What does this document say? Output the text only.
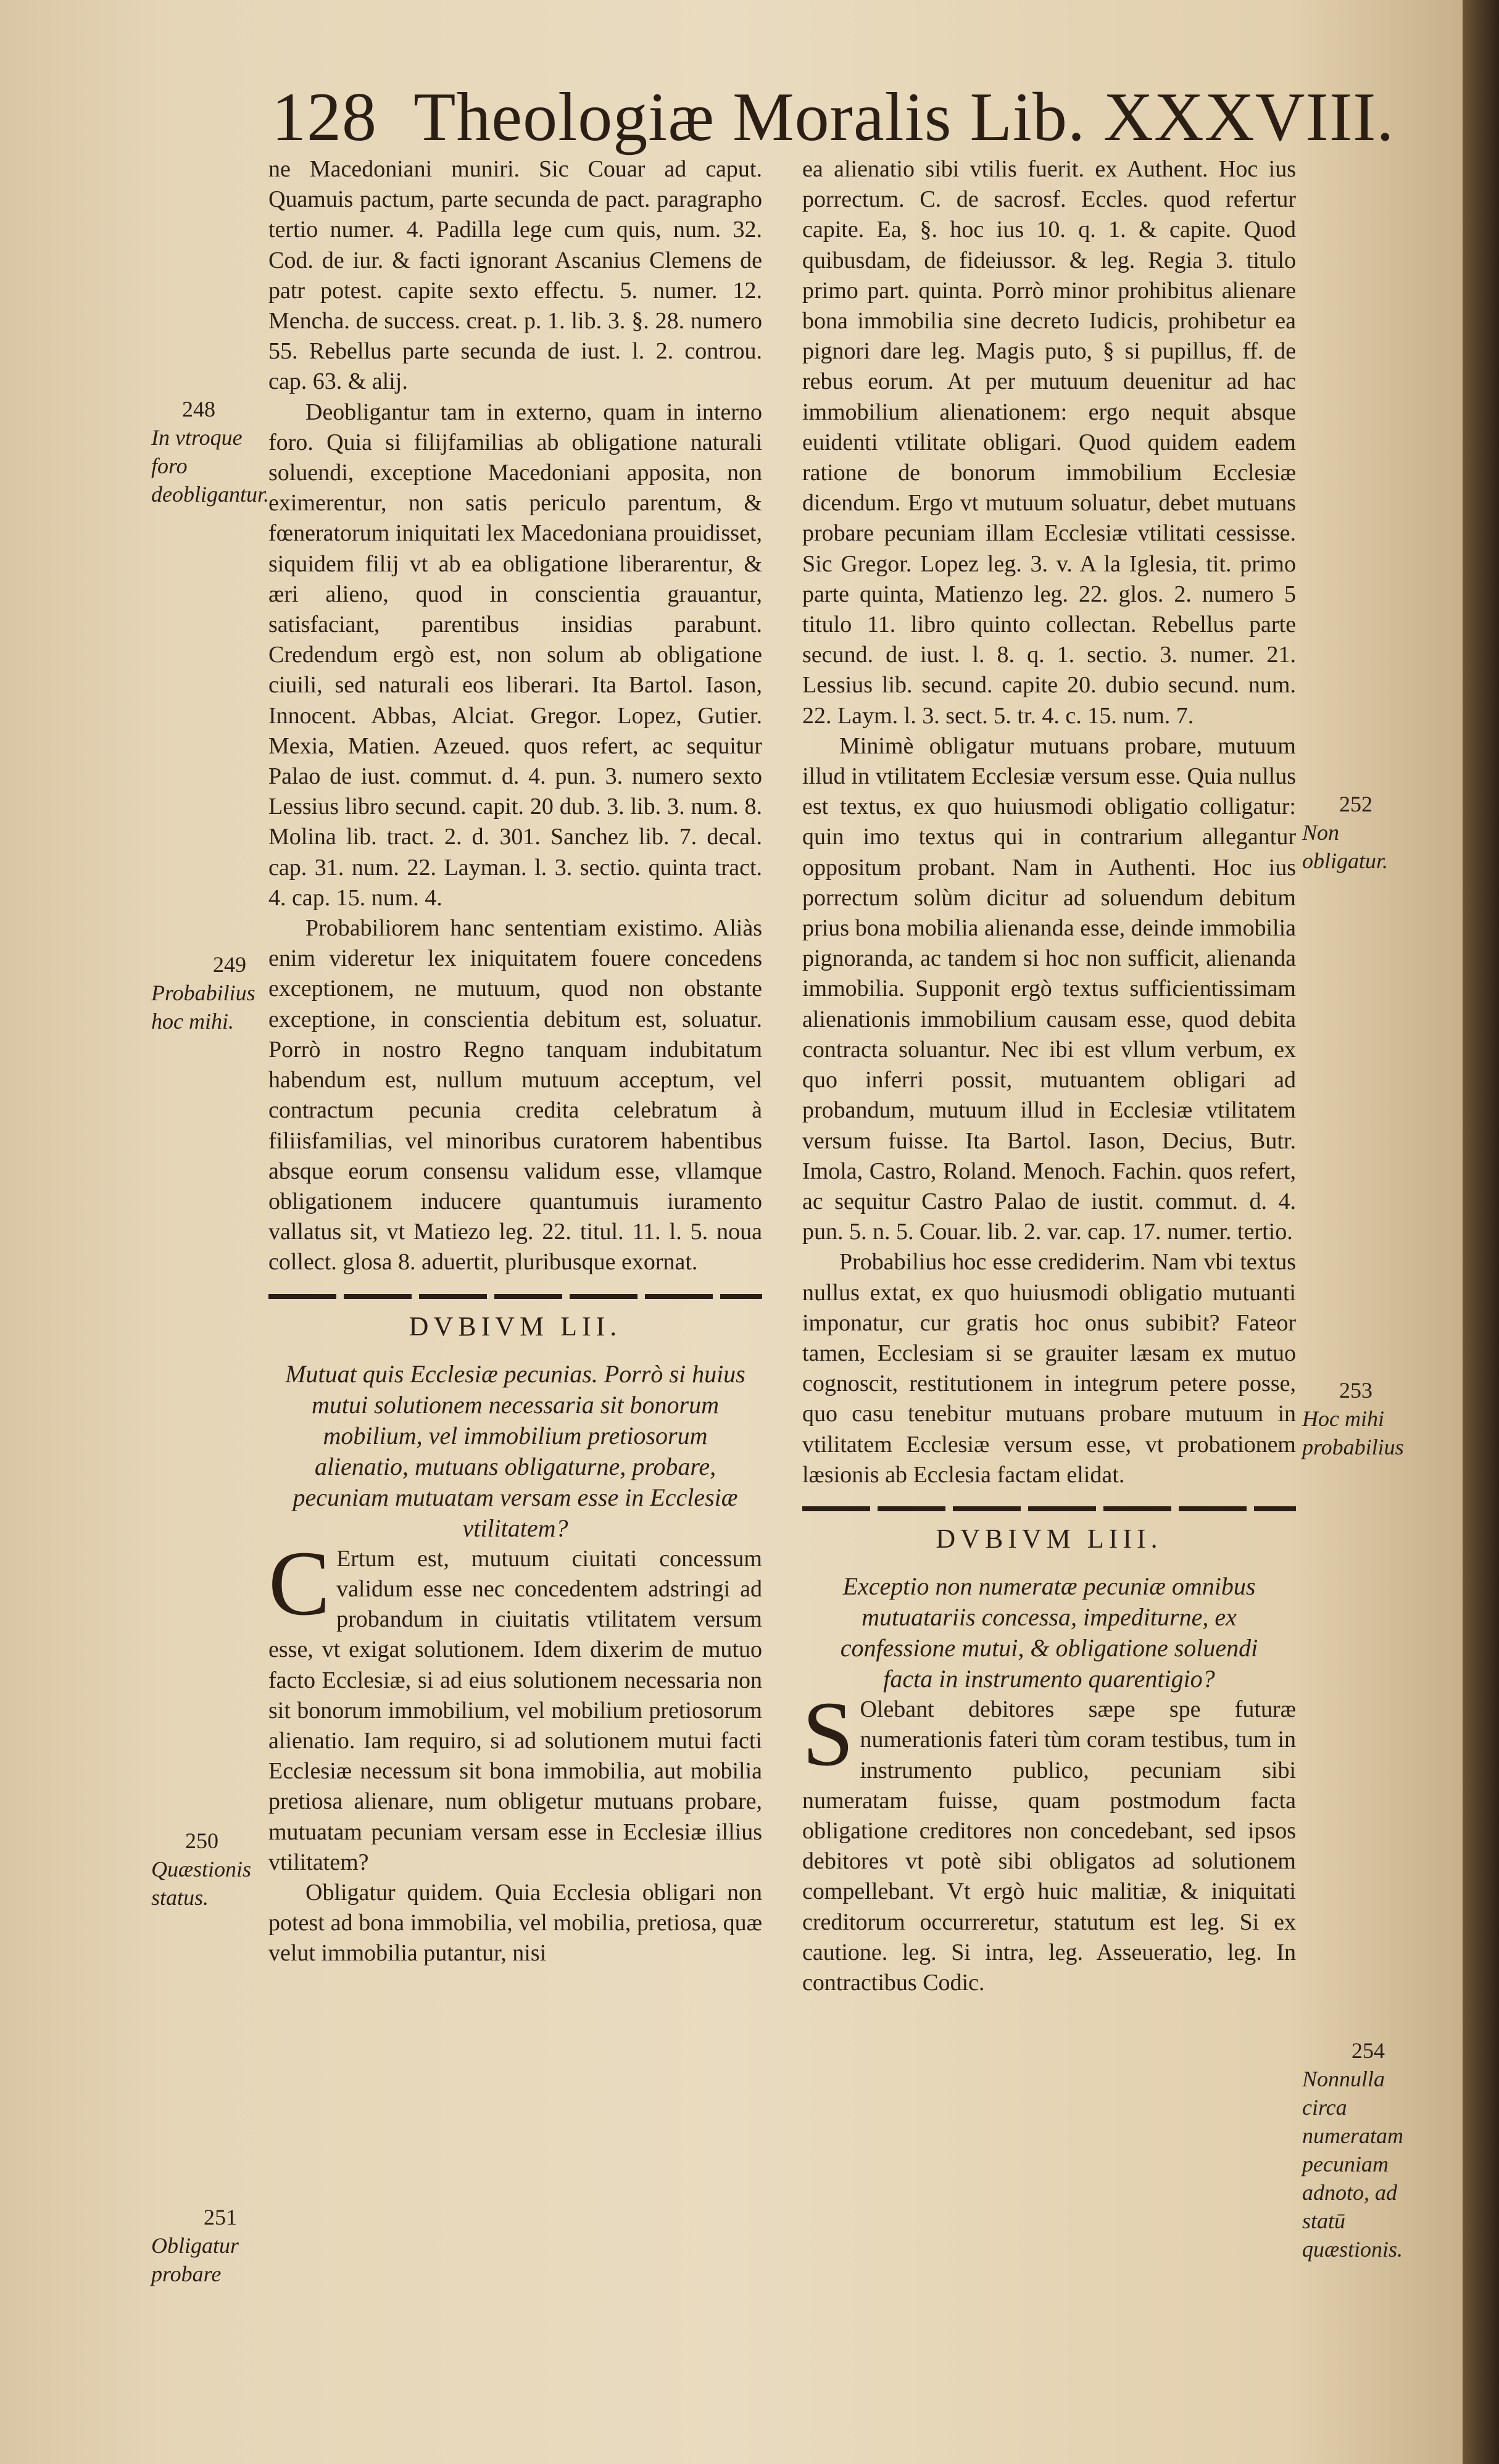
128 Theologiæ Moralis Lib. XXXVIII.

ne Macedoniani muniri. Sic Couar ad caput. Quamuis pactum, parte secunda de pact. paragrapho tertio numer. 4. Padilla lege cum quis, num. 32. Cod. de iur. & facti ignorant Ascanius Clemens de patr potest. capite sexto effectu. 5. numer. 12. Mencha. de success. creat. p. 1. lib. 3. §. 28. numero 55. Rebellus parte secunda de iust. l. 2. controu. cap. 63. & alij.

Deobligantur tam in externo, quam in interno foro. Quia si filijfamilias ab obligatione naturali soluendi, exceptione Macedoniani apposita, non eximerentur, non satis periculo parentum, & fœneratorum iniquitati lex Macedoniana prouidisset, siquidem filij vt ab ea obligatione liberarentur, & æri alieno, quod in conscientia grauantur, satisfaciant, parentibus insidias parabunt. Credendum ergò est, non solum ab obligatione ciuili, sed naturali eos liberari. Ita Bartol. Iason, Innocent. Abbas, Alciat. Gregor. Lopez, Gutier. Mexia, Matien. Azeued. quos refert, ac sequitur Palao de iust. commut. d. 4. pun. 3. numero sexto Lessius libro secund. capit. 20 dub. 3. lib. 3. num. 8. Molina lib. tract. 2. d. 301. Sanchez lib. 7. decal. cap. 31. num. 22. Layman. l. 3. sectio. quinta tract. 4. cap. 15. num. 4.

Probabiliorem hanc sententiam existimo. Aliàs enim videretur lex iniquitatem fouere concedens exceptionem, ne mutuum, quod non obstante exceptione, in conscientia debitum est, soluatur. Porrò in nostro Regno tanquam indubitatum habendum est, nullum mutuum acceptum, vel contractum pecunia credita celebratum à filiisfamilias, vel minoribus curatorem habentibus absque eorum consensu validum esse, vllamque obligationem inducere quantumuis iuramento vallatus sit, vt Matiezo leg. 22. titul. 11. l. 5. noua collect. glosa 8. aduertit, pluribusque exornat.

DVBIVM LII.

Mutuat quis Ecclesiæ pecunias. Porrò si huius mutui solutionem necessaria sit bonorum mobilium, vel immobilium pretiosorum alienatio, mutuans obligaturne, probare, pecuniam mutuatam versam esse in Ecclesiæ vtilitatem?

C Ertum est, mutuum ciuitati concessum validum esse nec concedentem adstringi ad probandum in ciuitatis vtilitatem versum esse, vt exigat solutionem. Idem dixerim de mutuo facto Ecclesiæ, si ad eius solutionem necessaria non sit bonorum immobilium, vel mobilium pretiosorum alienatio. Iam requiro, si ad solutionem mutui facti Ecclesiæ necessum sit bona immobilia, aut mobilia pretiosa alienare, num obligetur mutuans probare, mutuatam pecuniam versam esse in Ecclesiæ illius vtilitatem?

Obligatur quidem. Quia Ecclesia obligari non potest ad bona immobilia, vel mobilia, pretiosa, quæ velut immobilia putantur, nisi

ea alienatio sibi vtilis fuerit. ex Authent. Hoc ius porrectum. C. de sacrosf. Eccles. quod refertur capite. Ea, §. hoc ius 10. q. 1. & capite. Quod quibusdam, de fideiussor. & leg. Regia 3. titulo primo part. quinta. Porrò minor prohibitus alienare bona immobilia sine decreto Iudicis, prohibetur ea pignori dare leg. Magis puto, § si pupillus, ff. de rebus eorum. At per mutuum deuenitur ad hac immobilium alienationem: ergo nequit absque euidenti vtilitate obligari. Quod quidem eadem ratione de bonorum immobilium Ecclesiæ dicendum. Ergo vt mutuum soluatur, debet mutuans probare pecuniam illam Ecclesiæ vtilitati cessisse. Sic Gregor. Lopez leg. 3. v. A la Iglesia, tit. primo parte quinta, Matienzo leg. 22. glos. 2. numero 5 titulo 11. libro quinto collectan. Rebellus parte secund. de iust. l. 8. q. 1. sectio. 3. numer. 21. Lessius lib. secund. capite 20. dubio secund. num. 22. Laym. l. 3. sect. 5. tr. 4. c. 15. num. 7.

Minimè obligatur mutuans probare, mutuum illud in vtilitatem Ecclesiæ versum esse. Quia nullus est textus, ex quo huiusmodi obligatio colligatur: quin imo textus qui in contrarium allegantur oppositum probant. Nam in Authenti. Hoc ius porrectum solùm dicitur ad soluendum debitum prius bona mobilia alienanda esse, deinde immobilia pignoranda, ac tandem si hoc non sufficit, alienanda immobilia. Supponit ergò textus sufficientissimam alienationis immobilium causam esse, quod debita contracta soluantur. Nec ibi est vllum verbum, ex quo inferri possit, mutuantem obligari ad probandum, mutuum illud in Ecclesiæ vtilitatem versum fuisse. Ita Bartol. Iason, Decius, Butr. Imola, Castro, Roland. Menoch. Fachin. quos refert, ac sequitur Castro Palao de iustit. commut. d. 4. pun. 5. n. 5. Couar. lib. 2. var. cap. 17. numer. tertio.

Probabilius hoc esse crediderim. Nam vbi textus nullus extat, ex quo huiusmodi obligatio mutuanti imponatur, cur gratis hoc onus subibit? Fateor tamen, Ecclesiam si se grauiter læsam ex mutuo cognoscit, restitutionem in integrum petere posse, quo casu tenebitur mutuans probare mutuum in vtilitatem Ecclesiæ versum esse, vt probationem læsionis ab Ecclesia factam elidat.

DVBIVM LIII.

Exceptio non numeratæ pecuniæ omnibus mutuatariis concessa, impediturne, ex confessione mutui, & obligatione soluendi facta in instrumento quarentigio?

S Olebant debitores sæpe spe futuræ numerationis fateri tùm coram testibus, tum in instrumento publico, pecuniam sibi numeratam fuisse, quam postmodum facta obligatione creditores non concedebant, sed ipsos debitores vt potè sibi obligatos ad solutionem compellebant. Vt ergò huic malitiæ, & iniquitati creditorum occurreretur, statutum est leg. Si ex cautione. leg. Si intra, leg. Asseueratio, leg. In contractibus Codic.

248
In vtroque foro deobligantur.
249
Probabilius hoc mihi.
250
Quæstionis status.
251
Obligatur probare
252
Non obligatur.
253
Hoc mihi probabilius
254
Nonnulla circa numeratam pecuniam adnoto, ad statū quæstionis.
